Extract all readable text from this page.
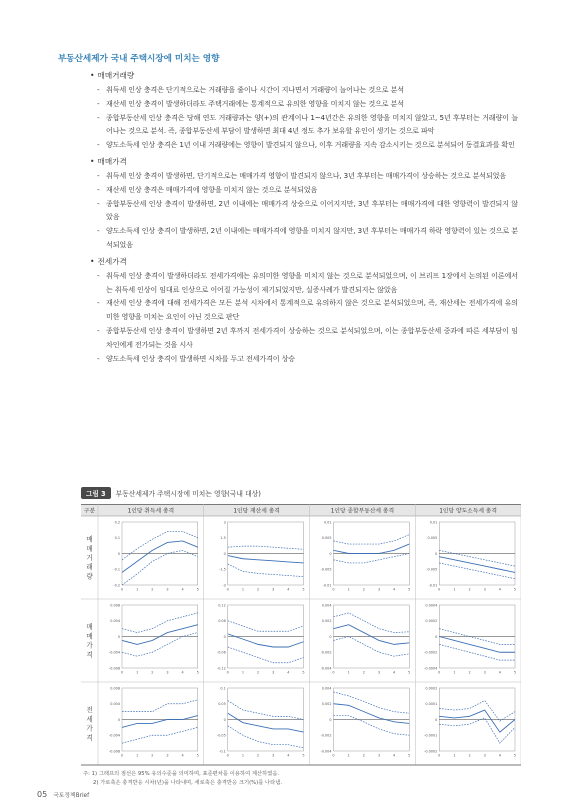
부동산세제가 국내 주택시장에 미치는 영향
• 매매거래량
- 취득세 인상 충격은 단기적으로는 거래량을 줄이나 시간이 지나면서 거래량이 늘어나는 것으로 분석
- 재산세 인상 충격이 발생하더라도 주택거래에는 통계적으로 유의한 영향을 미치지 않는 것으로 분석
- 종합부동산세 인상 충격은 당해 연도 거래량과는 양(+)의 관계이나 1~4년간은 유의한 영향을 미치지 않았고, 5년 후부터는 거래량이 늘어나는 것으로 분석. 즉, 종합부동산세 부담이 발생하면 최대 4년 정도 추가 보유할 유인이 생기는 것으로 파악
- 양도소득세 인상 충격은 1년 이내 거래량에는 영향이 발견되지 않으나, 이후 거래량을 지속 감소시키는 것으로 분석되어 동결효과를 확인
• 매매가격
- 취득세 인상 충격이 발생하면, 단기적으로는 매매가격 영향이 발견되지 않으나, 3년 후부터는 매매가격이 상승하는 것으로 분석되었음
- 재산세 인상 충격은 매매가격에 영향을 미치지 않는 것으로 분석되었음
- 종합부동산세 인상 충격이 발생하면, 2년 이내에는 매매가격 상승으로 이어지지만, 3년 후부터는 매매가격에 대한 영향력이 발견되지 않았음
- 양도소득세 인상 충격이 발생하면, 2년 이내에는 매매가격에 영향을 미치지 않지만, 3년 후부터는 매매가격 하락 영향력이 있는 것으로 분석되었음
• 전세가격
- 취득세 인상 충격이 발생하더라도 전세가격에는 유의미한 영향을 미치지 않는 것으로 분석되었으며, 이 브리프 1장에서 논의된 이론에서는 취득세 인상이 임대료 인상으로 이어질 가능성이 제기되었지만, 실증사례가 발견되지는 않았음
- 재산세 인상 충격에 대해 전세가격은 모든 분석 시차에서 통계적으로 유의하지 않은 것으로 분석되었으며, 즉, 재산세는 전세가격에 유의미한 영향을 미치는 요인이 아닌 것으로 판단
- 종합부동산세 인상 충격이 발생하면 2년 후까지 전세가격이 상승하는 것으로 분석되었으며, 이는 종합부동산세 중과에 따른 세부담이 임차인에게 전가되는 것을 시사
- 양도소득세 인상 충격이 발생하면 시차를 두고 전세가격이 상승
그림 3	부동산세제가 주택시장에 미치는 영향(국내 대상)
구분	1인당 취득세 충격	1인당 재산세 충격	1인당 종합부동산세 충격	1인당 양도소득세 충격
매 매 거 래 량
0.2
0.1
0
-0.1
-0.2
0	1	2	3	4	5
3
1.5
0
-1.5
-3
0	1	2	3	4	5
0.01
0.005
0
-0.005
-0.01
0	1	2	3	4	5
0.01
0.005
0
-0.005
-0.01
0	1	2	3	4	5
매 매 가 격
0.008
0.004
0
-0.004
-0.008
0	1	2	3	4	5
0.12
0.06
0
-0.06
-0.12
0	1	2	3	4	5
0.004
0.002
0
-0.002
-0.004
0	1	2	3	4	5
0.0004
0.0002
0
-0.0002
-0.0004
0	1	2	3	4	5
전 세 가 격
0.008
0.004
0
-0.004
-0.008
0	1	2	3	4	5
0.1
0.05
0
-0.05
-0.1
0	1	2	3	4	5
0.004
0.002
0
-0.002
-0.004
0	1	2	3	4	5
0.0002
0.0001
0
-0.0001
-0.0002
0	1	2	3	4	5
주: 1) 그래프의 점선은 95% 유의수준을 의미하며, 표준편차를 이용하여 계산하였음.
2) 가로축은 충격반응 시차(년)을 나타내며, 세로축은 충격반응 크기(%)를 나타냄.
05 국토정책Brief
